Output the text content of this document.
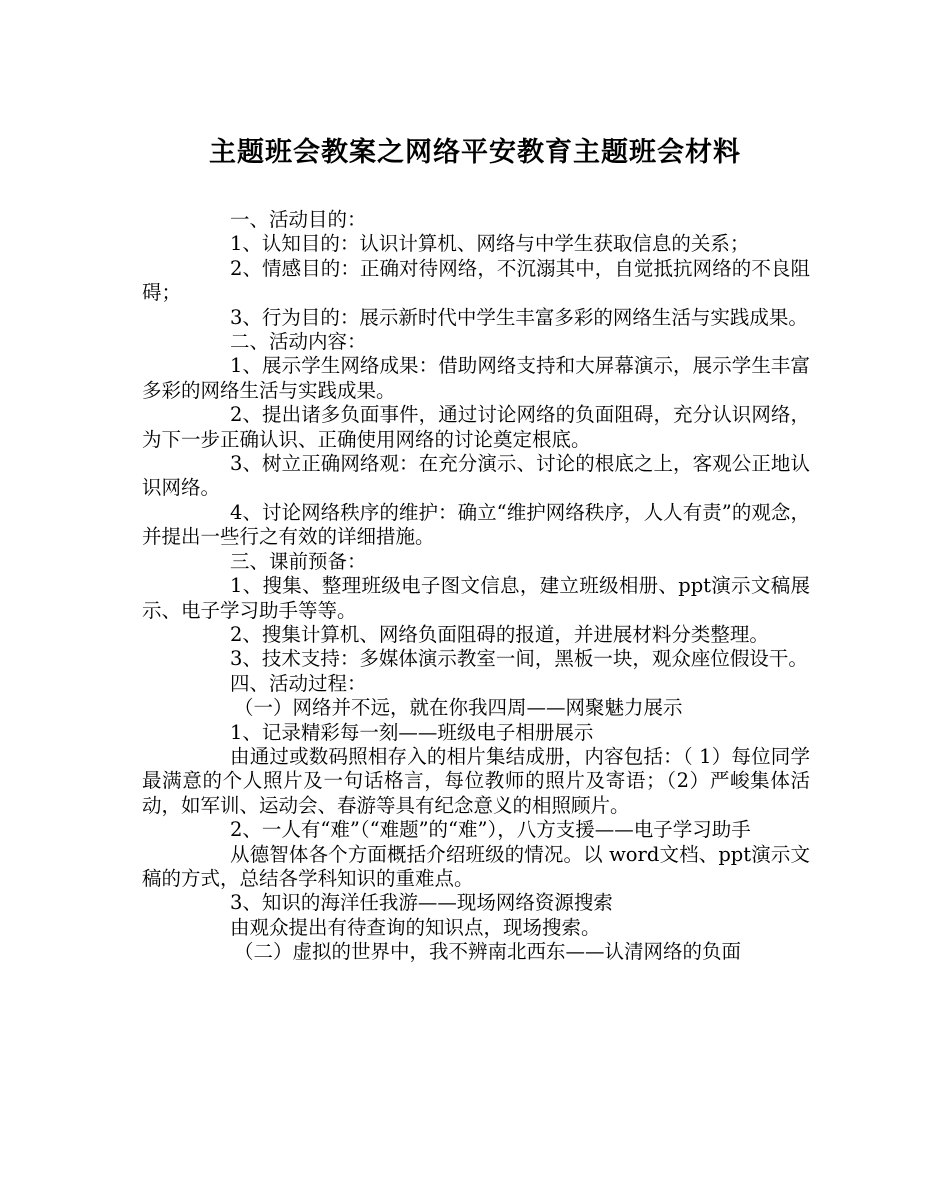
主题班会教案之网络平安教育主题班会材料

一、活动目的：

1、认知目的：认识计算机、网络与中学生获取信息的关系；

2、情感目的：正确对待网络，不沉溺其中，自觉抵抗网络的不良阻碍；

3、行为目的：展示新时代中学生丰富多彩的网络生活与实践成果。

二、活动内容：

1、展示学生网络成果：借助网络支持和大屏幕演示，展示学生丰富多彩的网络生活与实践成果。

2、提出诸多负面事件，通过讨论网络的负面阻碍，充分认识网络，为下一步正确认识、正确使用网络的讨论奠定根底。

3、树立正确网络观：在充分演示、讨论的根底之上，客观公正地认识网络。

4、讨论网络秩序的维护：确立“维护网络秩序，人人有责”的观念，并提出一些行之有效的详细措施。

三、课前预备：

1、搜集、整理班级电子图文信息，建立班级相册、ppt演示文稿展示、电子学习助手等等。

2、搜集计算机、网络负面阻碍的报道，并进展材料分类整理。

3、技术支持：多媒体演示教室一间，黑板一块，观众座位假设干。

四、活动过程：

（一）网络并不远，就在你我四周——网聚魅力展示

1、记录精彩每一刻——班级电子相册展示

由通过或数码照相存入的相片集结成册，内容包括：（ 1）每位同学最满意的个人照片及一句话格言，每位教师的照片及寄语；（2）严峻集体活动，如军训、运动会、春游等具有纪念意义的相照顾片。

2、一人有“难”（“难题”的“难”），八方支援——电子学习助手

从德智体各个方面概括介绍班级的情况。以 word文档、ppt演示文稿的方式，总结各学科知识的重难点。

3、知识的海洋任我游——现场网络资源搜索

由观众提出有待查询的知识点，现场搜索。

（二）虚拟的世界中，我不辨南北西东——认清网络的负面
